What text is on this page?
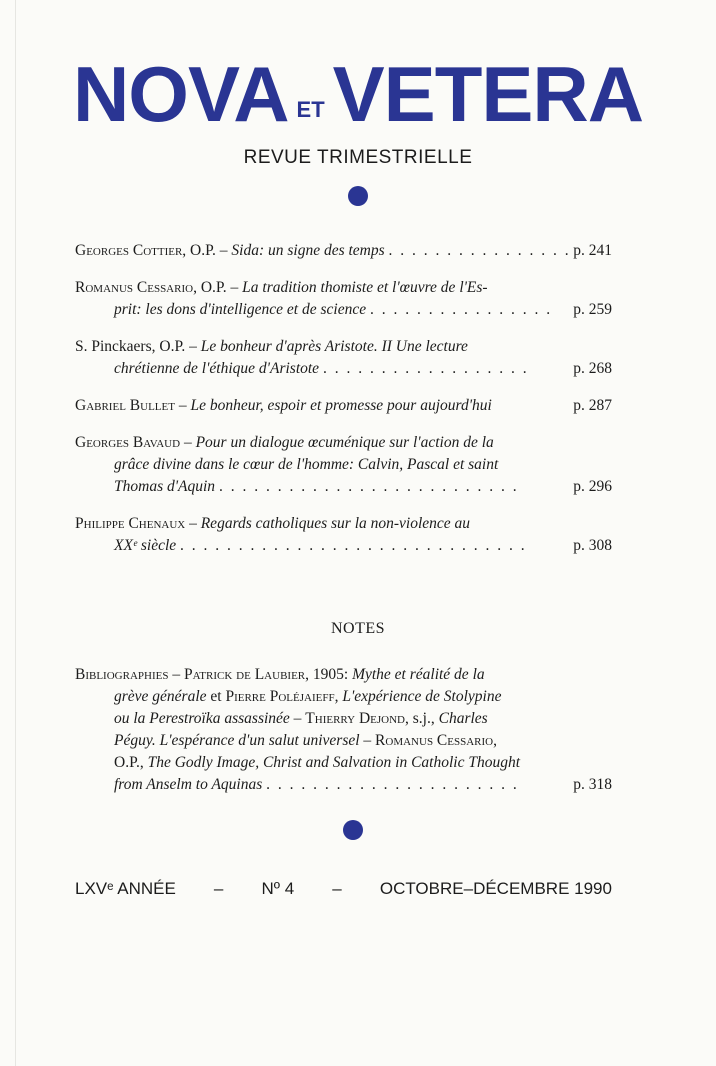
NOVA ET VETERA
REVUE TRIMESTRIELLE
Georges Cottier, O.P. – Sida: un signe des temps . . . . . . . . . . . . . . . . p. 241
Romanus Cessario, O.P. – La tradition thomiste et l'œuvre de l'Es-
prit: les dons d'intelligence et de science . . . . . . . . . . . . . . . . p. 259
S. Pinckaers, O.P. – Le bonheur d'après Aristote. II Une lecture
chrétienne de l'éthique d'Aristote . . . . . . . . . . . . . . . . . .	p. 268
Gabriel Bullet – Le bonheur, espoir et promesse pour aujourd'hui	p. 287
Georges Bavaud – Pour un dialogue œcuménique sur l'action de la
grâce divine dans le cœur de l'homme: Calvin, Pascal et saint
Thomas d'Aquin . . . . . . . . . . . . . . . . . . . . . . . . . .	p. 296
Philippe Chenaux – Regards catholiques sur la non-violence au
XXᵉ siècle . . . . . . . . . . . . . . . . . . . . . . . . . . . . . .	p. 308
NOTES
Bibliographies – Patrick de Laubier, 1905: Mythe et réalité de la
grève générale et Pierre Poléjaieff, L'expérience de Stolypine
ou la Perestroïka assassinée – Thierry Dejond, s.j., Charles
Péguy. L'espérance d'un salut universel – Romanus Cessario,
O.P., The Godly Image, Christ and Salvation in Catholic Thought
from Anselm to Aquinas . . . . . . . . . . . . . . . . . . . . . .	p. 318
LXVᵉ ANNÉE – Nº 4 – OCTOBRE–DÉCEMBRE 1990
